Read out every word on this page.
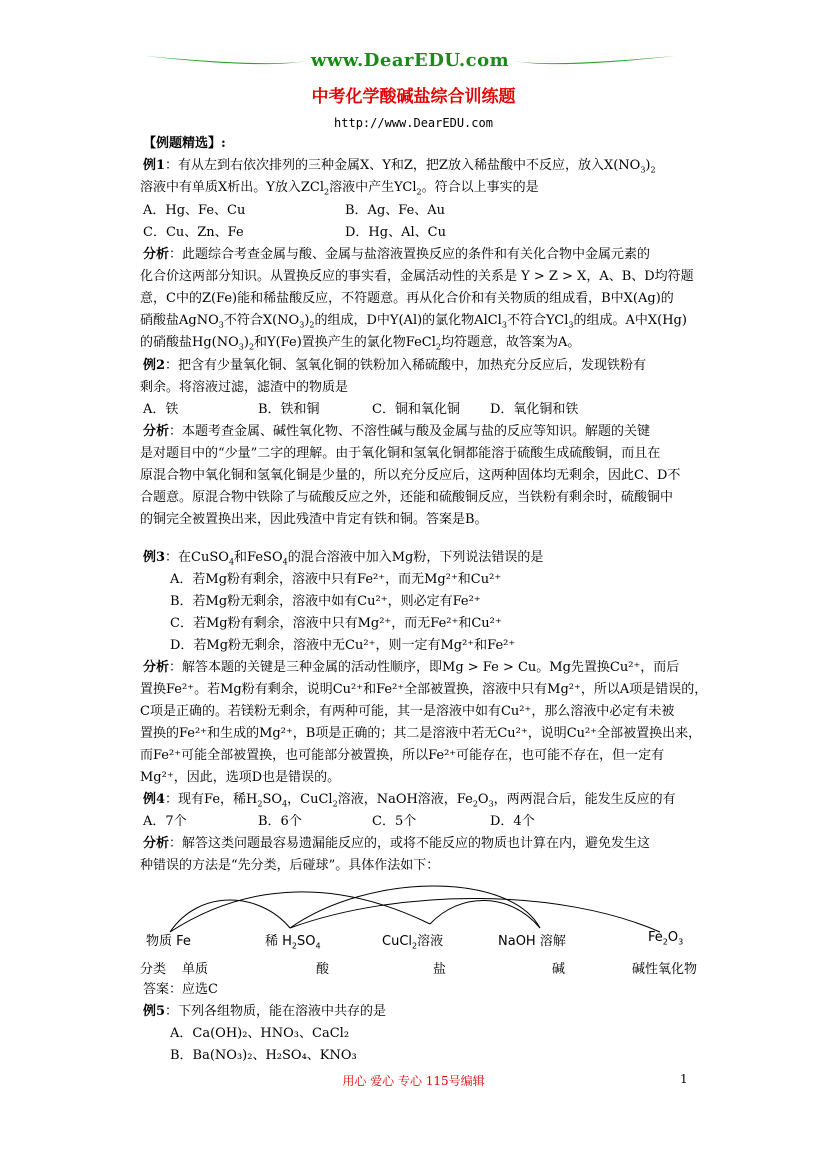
www.DearEDU.com
中考化学酸碱盐综合训练题
http://www.DearEDU.com
【例题精选】:
例1：有从左到右依次排列的三种金属X、Y和Z，把Z放入稀盐酸中不反应，放入$X(NO_3)_2$
溶液中有单质X析出。Y放入ZCl$_2$溶液中产生YCl$_2$。符合以上事实的是
A．Hg、Fe、Cu	B．Ag、Fe、Au
C．Cu、Zn、Fe	D．Hg、Al、Cu
分析：此题综合考查金属与酸、金属与盐溶液置换反应的条件和有关化合物中金属元素的
化合价这两部分知识。从置换反应的事实看，金属活动性的关系是 Y > Z > X，A、B、D均符题
意，C中的Z(Fe)能和稀盐酸反应，不符题意。再从化合价和有关物质的组成看，B中X(Ag)的
硝酸盐AgNO$_3$不符合$X(NO_3)_2$的组成，D中Y(Al)的氯化物AlCl$_3$不符合YCl$_3$的组成。A中X(Hg)
的硝酸盐$Hg(NO_3)_2$和Y(Fe)置换产生的氯化物FeCl$_2$均符题意，故答案为A。
例2：把含有少量氧化铜、氢氧化铜的铁粉加入稀硫酸中，加热充分反应后，发现铁粉有
剩余。将溶液过滤，滤渣中的物质是
A．铁	B．铁和铜	C．铜和氧化铜 D．氧化铜和铁
分析：本题考查金属、碱性氧化物、不溶性碱与酸及金属与盐的反应等知识。解题的关键
是对题目中的“少量”二字的理解。由于氧化铜和氢氧化铜都能溶于硫酸生成硫酸铜，而且在
原混合物中氧化铜和氢氧化铜是少量的，所以充分反应后，这两种固体均无剩余，因此C、D不
合题意。原混合物中铁除了与硫酸反应之外，还能和硫酸铜反应，当铁粉有剩余时，硫酸铜中
的铜完全被置换出来，因此残渣中肯定有铁和铜。答案是B。
例3：在CuSO$_4$和FeSO$_4$的混合溶液中加入Mg粉，下列说法错误的是
A．若Mg粉有剩余，溶液中只有Fe²⁺，而无Mg²⁺和Cu²⁺
B．若Mg粉无剩余，溶液中如有Cu²⁺，则必定有Fe²⁺
C．若Mg粉有剩余，溶液中只有Mg²⁺，而无Fe²⁺和Cu²⁺
D．若Mg粉无剩余，溶液中无Cu²⁺，则一定有Mg²⁺和Fe²⁺
分析：解答本题的关键是三种金属的活动性顺序，即Mg > Fe > Cu。Mg先置换Cu²⁺，而后
置换Fe²⁺。若Mg粉有剩余，说明Cu²⁺和Fe²⁺全部被置换，溶液中只有Mg²⁺，所以A项是错误的，
C项是正确的。若镁粉无剩余，有两种可能，其一是溶液中如有Cu²⁺，那么溶液中必定有未被
置换的Fe²⁺和生成的Mg²⁺，B项是正确的；其二是溶液中若无Cu²⁺，说明Cu²⁺全部被置换出来，
而Fe²⁺可能全部被置换，也可能部分被置换，所以Fe²⁺可能存在，也可能不存在，但一定有
Mg²⁺，因此，选项D也是错误的。
例4：现有Fe，稀$H_2SO_4$，CuCl$_2$溶液，NaOH溶液，$Fe_2O_3$，两两混合后，能发生反应的有
A．7个	B．6个	C．5个	D．4个
分析：解答这类问题最容易遗漏能反应的，或将不能反应的物质也计算在内，避免发生这
种错误的方法是“先分类，后碰球”。具体作法如下：
物质 Fe	稀 $H_2SO_4$	CuCl$_2$溶液	NaOH 溶解	$Fe_2O_3$
分类 单质	酸	盐	碱	碱性氧化物
答案：应选C
例5：下列各组物质，能在溶液中共存的是
A．Ca(OH)₂、HNO₃、CaCl₂
B．Ba(NO₃)₂、H₂SO₄、KNO₃
用心 爱心 专心 115号编辑	1
